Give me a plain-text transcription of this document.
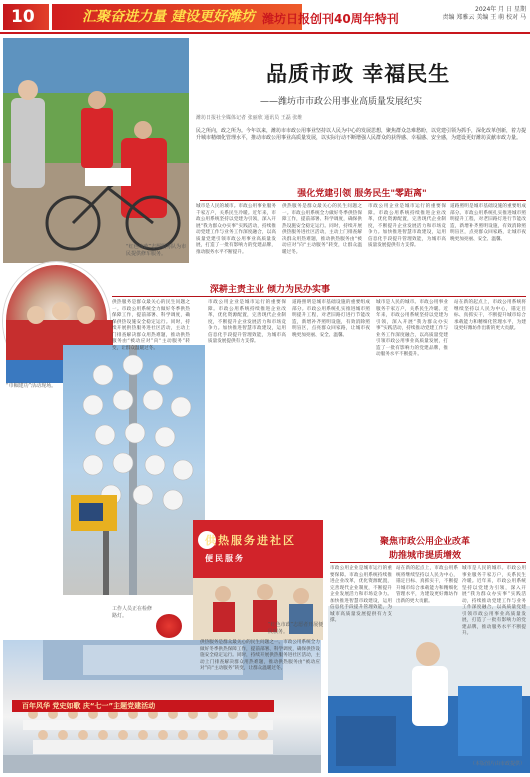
10	汇聚奋进力量 建设更好潍坊 潍坊日报创刊40周年特刊
2024年 月 日 星期
责编 郑雅云 美编 王 萌 校对 马
“红色市政”志愿服务队为市民提供修车服务。
“巾帼建功”活动现场。
供热服务进社区
便民服务
百年风华 党史如歌 庆“七一”主题党建活动
“红色市政”志愿者开展便民服务。
工作人员正在检修路灯。
品质市政 幸福民生
——潍坊市市政公用事业高质量发展纪实
潍坊日报社全媒体记者 张丽欣 通讯员 王磊 张维
民之所向，政之所为。今年以来，潍坊市市政公用事业坚持以人民为中心的发展思想，聚焦群众急难愁盼，以党建引领为抓手，深化改革创新，着力提升城市精细化管理水平，推动市政公用事业高质量发展，以实际行动不断增强人民群众的获得感、幸福感、安全感，为建设更好潍坊贡献市政力量。
强化党建引领 服务民生"零距离"
城市是人民的城市。市政公用事业服务千家万户，关系民生冷暖。近年来，市政公用系统坚持以党建为引领，深入开展“我为群众办实事”实践活动，持续推动党建工作与业务工作深度融合，以高质量党建引领市政公用事业高质量发展，打造了一批有影响力的党建品牌，推动服务水平不断提升。
供热服务是群众最关心的民生问题之一。市政公用系统全力做好冬季供热保障工作，提前部署、科学调度，确保供热设施安全稳定运行。同时，持续开展供热服务进社区活动，主动上门排查解决群众用热难题，推动供热服务由“被动应对”向“主动服务”转变，让群众温暖过冬。
市政公用企业是城市运行的重要保障。市政公用系统持续推进企业改革，优化资源配置，完善现代企业制度，不断提升企业发展活力和市场竞争力。加快推进智慧市政建设，运用信息化手段提升管理效能，为城市高质量发展提供有力支撑。
道路照明是城市基础设施的重要组成部分。市政公用系统扎实推进城市照明提升工程，对老旧路灯进行节能改造，新增补齐照明设施，有效消除照明盲区，点亮群众回家路，让城市夜晚更加亮丽、安全、温馨。
深耕主责主业 倾力为民办实事
供热服务是群众最关心的民生问题之一。市政公用系统全力做好冬季供热保障工作，提前部署、科学调度，确保供热设施安全稳定运行。同时，持续开展供热服务进社区活动，主动上门排查解决群众用热难题，推动供热服务由“被动应对”向“主动服务”转变，让群众温暖过冬。
市政公用企业是城市运行的重要保障。市政公用系统持续推进企业改革，优化资源配置，完善现代企业制度，不断提升企业发展活力和市场竞争力。加快推进智慧市政建设，运用信息化手段提升管理效能，为城市高质量发展提供有力支撑。
道路照明是城市基础设施的重要组成部分。市政公用系统扎实推进城市照明提升工程，对老旧路灯进行节能改造，新增补齐照明设施，有效消除照明盲区，点亮群众回家路，让城市夜晚更加亮丽、安全、温馨。
城市是人民的城市。市政公用事业服务千家万户，关系民生冷暖。近年来，市政公用系统坚持以党建为引领，深入开展“我为群众办实事”实践活动，持续推动党建工作与业务工作深度融合，以高质量党建引领市政公用事业高质量发展，打造了一批有影响力的党建品牌，推动服务水平不断提升。
站在新的起点上，市政公用系统将继续坚持以人民为中心，锚定目标、真抓实干，不断提升城市综合承载能力和精细化管理水平，为建设更好潍坊作出新的更大贡献。
聚焦市政公用企业改革
助推城市提质增效
市政公用企业是城市运行的重要保障。市政公用系统持续推进企业改革，优化资源配置，完善现代企业制度，不断提升企业发展活力和市场竞争力。加快推进智慧市政建设，运用信息化手段提升管理效能，为城市高质量发展提供有力支撑。
站在新的起点上，市政公用系统将继续坚持以人民为中心，锚定目标、真抓实干，不断提升城市综合承载能力和精细化管理水平，为建设更好潍坊作出新的更大贡献。
城市是人民的城市。市政公用事业服务千家万户，关系民生冷暖。近年来，市政公用系统坚持以党建为引领，深入开展“我为群众办实事”实践活动，持续推动党建工作与业务工作深度融合，以高质量党建引领市政公用事业高质量发展，打造了一批有影响力的党建品牌，推动服务水平不断提升。
供热服务是群众最关心的民生问题之一。市政公用系统全力做好冬季供热保障工作，提前部署、科学调度，确保供热设施安全稳定运行。同时，持续开展供热服务进社区活动，主动上门排查解决群众用热难题，推动供热服务由“被动应对”向“主动服务”转变，让群众温暖过冬。
（本版图片由市政提供）
